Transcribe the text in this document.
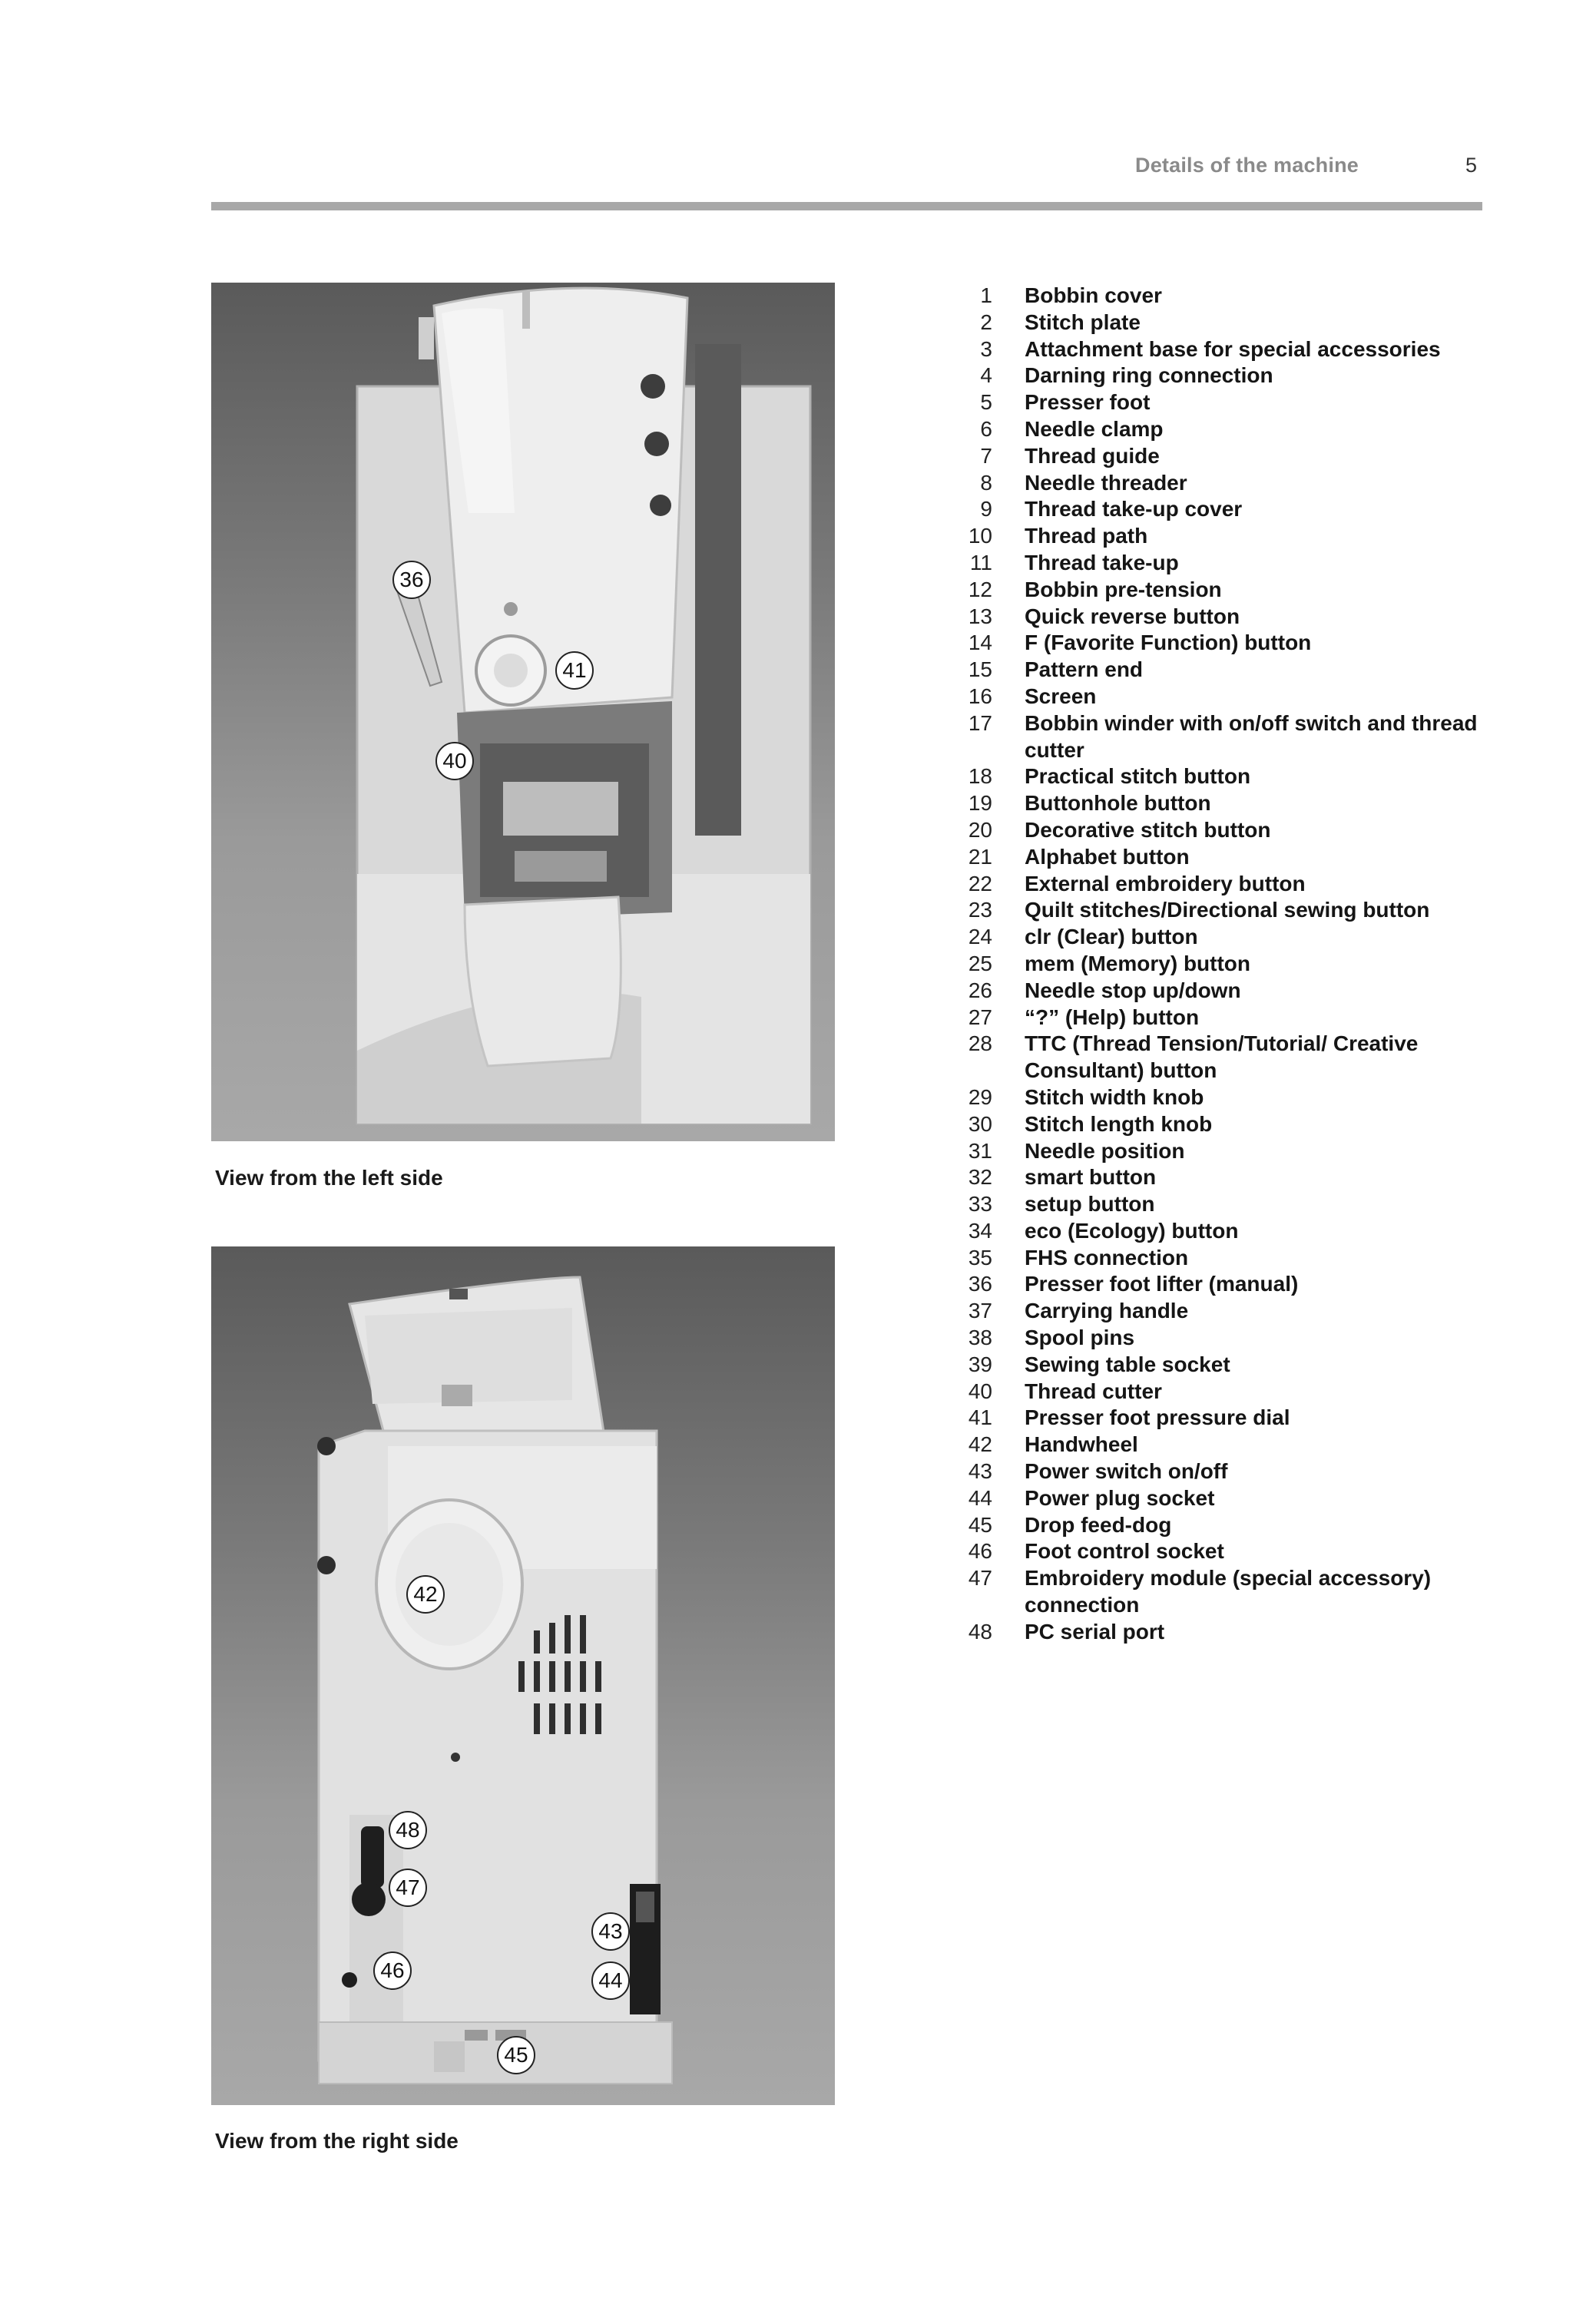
Details of the machine	5
36
41
40
View from the left side
42
48
47
43
46	44
45
View from the right side
1	Bobbin cover
2	Stitch plate
3	Attachment base for special accessories
4	Darning ring connection
5	Presser foot
6	Needle clamp
7	Thread guide
8	Needle threader
9	Thread take-up cover
10	Thread path
11	Thread take-up
12	Bobbin pre-tension
13	Quick reverse button
14	F (Favorite Function) button
15	Pattern end
16	Screen
17	Bobbin winder with on/off switch and thread cutter
18	Practical stitch button
19	Buttonhole button
20	Decorative stitch button
21	Alphabet button
22	External embroidery button
23	Quilt stitches/Directional sewing button
24	clr (Clear) button
25	mem (Memory) button
26	Needle stop up/down
27	“?” (Help) button
28	TTC (Thread Tension/Tutorial/ Creative Consultant) button
29	Stitch width knob
30	Stitch length knob
31	Needle position
32	smart button
33	setup button
34	eco (Ecology) button
35	FHS connection
36	Presser foot lifter (manual)
37	Carrying handle
38	Spool pins
39	Sewing table socket
40	Thread cutter
41	Presser foot pressure dial
42	Handwheel
43	Power switch on/off
44	Power plug socket
45	Drop feed-dog
46	Foot control socket
47	Embroidery module (special accessory) connection
48	PC serial port
